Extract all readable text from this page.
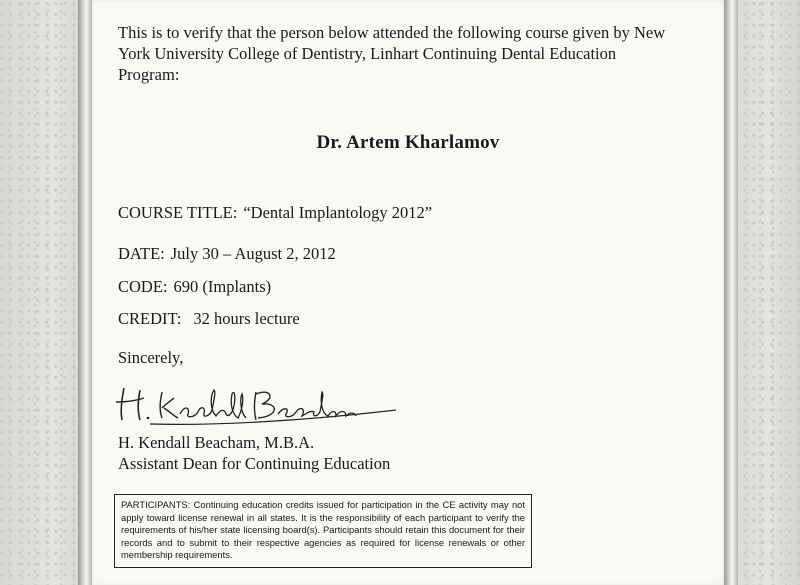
This is to verify that the person below attended the following course given by New York University College of Dentistry, Linhart Continuing Dental Education Program:
Dr. Artem Kharlamov
COURSE TITLE: “Dental Implantology 2012”
DATE: July 30 – August 2, 2012
CODE: 690 (Implants)
CREDIT: 32 hours lecture
Sincerely,
H. Kendall Beacham, M.B.A.
Assistant Dean for Continuing Education
PARTICIPANTS: Continuing education credits issued for participation in the CE activity may not apply toward license renewal in all states. It is the responsibility of each participant to verify the requirements of his/her state licensing board(s). Participants should retain this document for their records and to submit to their respective agencies as required for license renewals or other membership requirements.
